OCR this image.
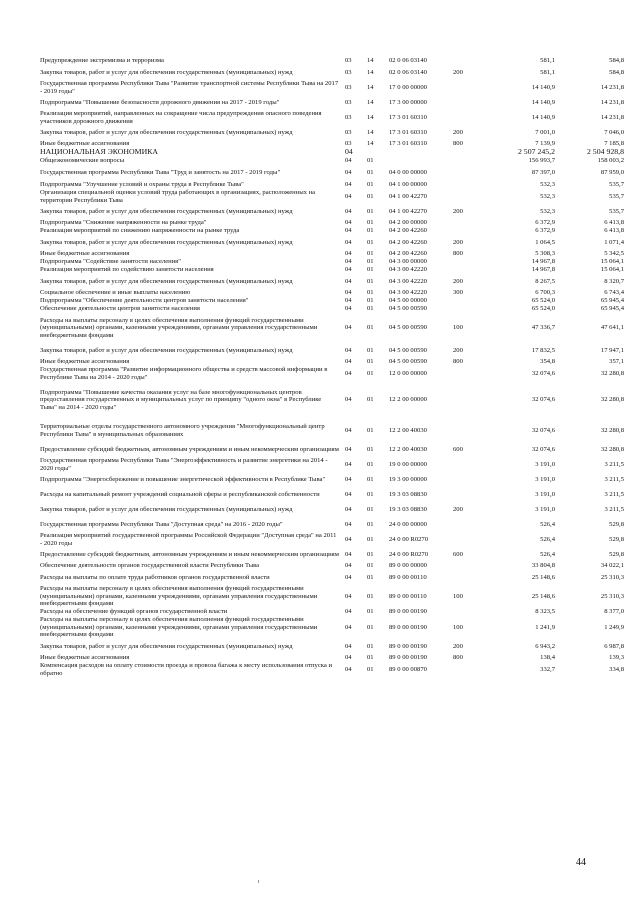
Предупреждение экстремизма и терроризма	03	14	02 0 06 03140		581,1	584,8
Закупка товаров, работ и услуг для обеспечения государственных (муниципальных) нужд	03	14	02 0 06 03140	200	581,1	584,8
Государственная программа Республики Тыва "Развитие транспортной системы Республики Тыва на 2017 - 2019 годы"	03	14	17 0 00 00000		14 140,9	14 231,8
Подпрограмма "Повышение безопасности дорожного движения на 2017 - 2019 годы"	03	14	17 3 00 00000		14 140,9	14 231,8
Реализация мероприятий, направленных на сокращение числа предупреждения опасного поведения участников дорожного движения	03	14	17 3 01 60310		14 140,9	14 231,8
Закупка товаров, работ и услуг для обеспечения государственных (муниципальных) нужд	03	14	17 3 01 60310	200	7 001,0	7 046,0
Иные бюджетные ассигнования	03	14	17 3 01 60310	800	7 139,9	7 185,8
НАЦИОНАЛЬНАЯ ЭКОНОМИКА	04				2 507 245,2	2 504 928,8
Общеэкономические вопросы	04	01			156 993,7	158 003,2
Государственная программа Республики Тыва "Труд и занятость на 2017 - 2019 годы"	04	01	04 0 00 00000		87 397,0	87 959,0
Подпрограмма "Улучшение условий и охраны труда в Республике Тыва"	04	01	04 1 00 00000		532,3	535,7
Организация специальной оценки условий труда работающих в организациях, расположенных на территории Республики Тыва	04	01	04 1 00 42270		532,3	535,7
Закупка товаров, работ и услуг для обеспечения государственных (муниципальных) нужд	04	01	04 1 00 42270	200	532,3	535,7
Подпрограмма "Снижение напряженности на рынке труда"	04	01	04 2 00 00000		6 372,9	6 413,8
Реализация мероприятий по снижению напряженности на рынке труда	04	01	04 2 00 42260		6 372,9	6 413,8
Закупка товаров, работ и услуг для обеспечения государственных (муниципальных) нужд	04	01	04 2 00 42260	200	1 064,5	1 071,4
Иные бюджетные ассигнования	04	01	04 2 00 42260	800	5 308,3	5 342,5
Подпрограмма "Содействие занятости населения"	04	01	04 3 00 00000		14 967,8	15 064,1
Реализация мероприятий по содействию занятости населения	04	01	04 3 00 42220		14 967,8	15 064,1
Закупка товаров, работ и услуг для обеспечения государственных (муниципальных) нужд	04	01	04 3 00 42220	200	8 267,5	8 320,7
Социальное обеспечение и иные выплаты населению	04	01	04 3 00 42220	300	6 700,3	6 743,4
Подпрограмма "Обеспечение деятельности центров занятости населения"	04	01	04 5 00 00000		65 524,0	65 945,4
Обеспечение деятельности центров занятости населения	04	01	04 5 00 00590		65 524,0	65 945,4
Расходы на выплаты персоналу в целях обеспечения выполнения функций государственными (муниципальными) органами, казенными учреждениями, органами управления государственными внебюджетными фондами	04	01	04 5 00 00590	100	47 336,7	47 641,1
Закупка товаров, работ и услуг для обеспечения государственных (муниципальных) нужд	04	01	04 5 00 00590	200	17 832,5	17 947,1
Иные бюджетные ассигнования	04	01	04 5 00 00590	800	354,8	357,1
Государственная программа "Развитие информационного общества и средств массовой информации в Республике Тыва на 2014 - 2020 годы"	04	01	12 0 00 00000		32 074,6	32 280,8
Подпрограмма "Повышение качества оказания услуг на базе многофункциональных центров предоставления государственных и муниципальных услуг по принципу "одного окна" в Республике Тыва" на 2014 - 2020 годы"	04	01	12 2 00 00000		32 074,6	32 280,8
Территориальные отделы государственного автономного учреждения "Многофункциональный центр Республики Тыва" в муниципальных образованиях	04	01	12 2 00 40030		32 074,6	32 280,8
Предоставление субсидий бюджетным, автономным учреждениям и иным некоммерческим организациям	04	01	12 2 00 40030	600	32 074,6	32 280,8
Государственная программа Республики Тыва "Энергоэффективность и развитие энергетики на 2014 - 2020 годы"	04	01	19 0 00 00000		3 191,0	3 211,5
Подпрограмма "Энергосбережение и повышение энергетической эффективности в Республике Тыва"	04	01	19 3 00 00000		3 191,0	3 211,5
Расходы на капитальный ремонт учреждений социальной сферы и республиканской собственности	04	01	19 3 03 08830		3 191,0	3 211,5
Закупка товаров, работ и услуг для обеспечения государственных (муниципальных) нужд	04	01	19 3 03 08830	200	3 191,0	3 211,5
Государственная программа Республики Тыва "Доступная среда" на 2016 - 2020 годы"	04	01	24 0 00 00000		526,4	529,8
Реализация мероприятий государственной программы Российской Федерации "Доступная среда" на 2011 - 2020 годы	04	01	24 0 00 R0270		526,4	529,8
Предоставление субсидий бюджетным, автономным учреждениям и иным некоммерческим организациям	04	01	24 0 00 R0270	600	526,4	529,8
Обеспечение деятельности органов государственной власти Республики Тыва	04	01	89 0 00 00000		33 804,8	34 022,1
Расходы на выплаты по оплате труда работников органов государственной власти	04	01	89 0 00 00110		25 148,6	25 310,3
Расходы на выплаты персоналу в целях обеспечения выполнения функций государственными (муниципальными) органами, казенными учреждениями, органами управления государственными внебюджетными фондами	04	01	89 0 00 00110	100	25 148,6	25 310,3
Расходы на обеспечение функций органов государственной власти	04	01	89 0 00 00190		8 323,5	8 377,0
Расходы на выплаты персоналу в целях обеспечения выполнения функций государственными (муниципальными) органами, казенными учреждениями, органами управления государственными внебюджетными фондами	04	01	89 0 00 00190	100	1 241,9	1 249,9
Закупка товаров, работ и услуг для обеспечения государственных (муниципальных) нужд	04	01	89 0 00 00190	200	6 943,2	6 987,8
Иные бюджетные ассигнования	04	01	89 0 00 00190	800	138,4	139,3
Компенсация расходов на оплату стоимости проезда и провоза багажа к месту использования отпуска и обратно	04	01	89 0 00 00870		332,7	334,8
44
